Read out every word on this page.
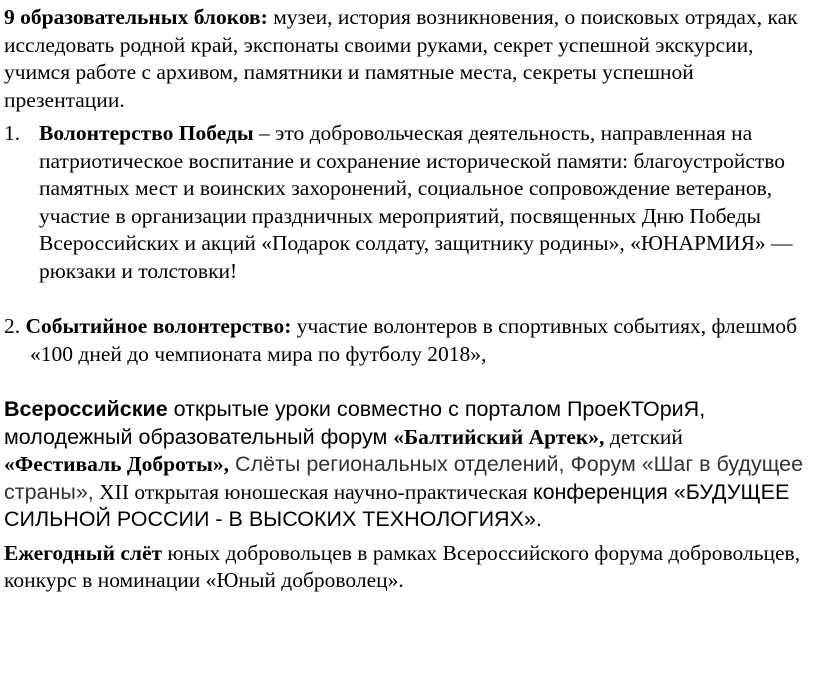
9 образовательных блоков: музеи, история возникновения, о поисковых отрядах, как исследовать родной край, экспонаты своими руками, секрет успешной экскурсии, учимся работе с архивом, памятники и памятные места, секреты успешной презентации.

1. Волонтерство Победы – это добровольческая деятельность, направленная на патриотическое воспитание и сохранение исторической памяти: благоустройство памятных мест и воинских захоронений, социальное сопровождение ветеранов, участие в организации праздничных мероприятий, посвященных Дню Победы Всероссийских и акций «Подарок солдату, защитнику родины», «ЮНАРМИЯ» — рюкзаки и толстовки!

2. Событийное волонтерство: участие волонтеров в спортивных событиях, флешмоб «100 дней до чемпионата мира по футболу 2018»,

Всероссийские открытые уроки совместно с порталом ПроеКТОриЯ, молодежный образовательный форум «Балтийский Артек», детский «Фестиваль Доброты», Слёты региональных отделений, Форум «Шаг в будущее страны», XII открытая юношеская научно-практическая конференция «БУДУЩЕЕ СИЛЬНОЙ РОССИИ - В ВЫСОКИХ ТЕХНОЛОГИЯХ».

Ежегодный слёт юных добровольцев в рамках Всероссийского форума добровольцев, конкурс в номинации «Юный доброволец».
